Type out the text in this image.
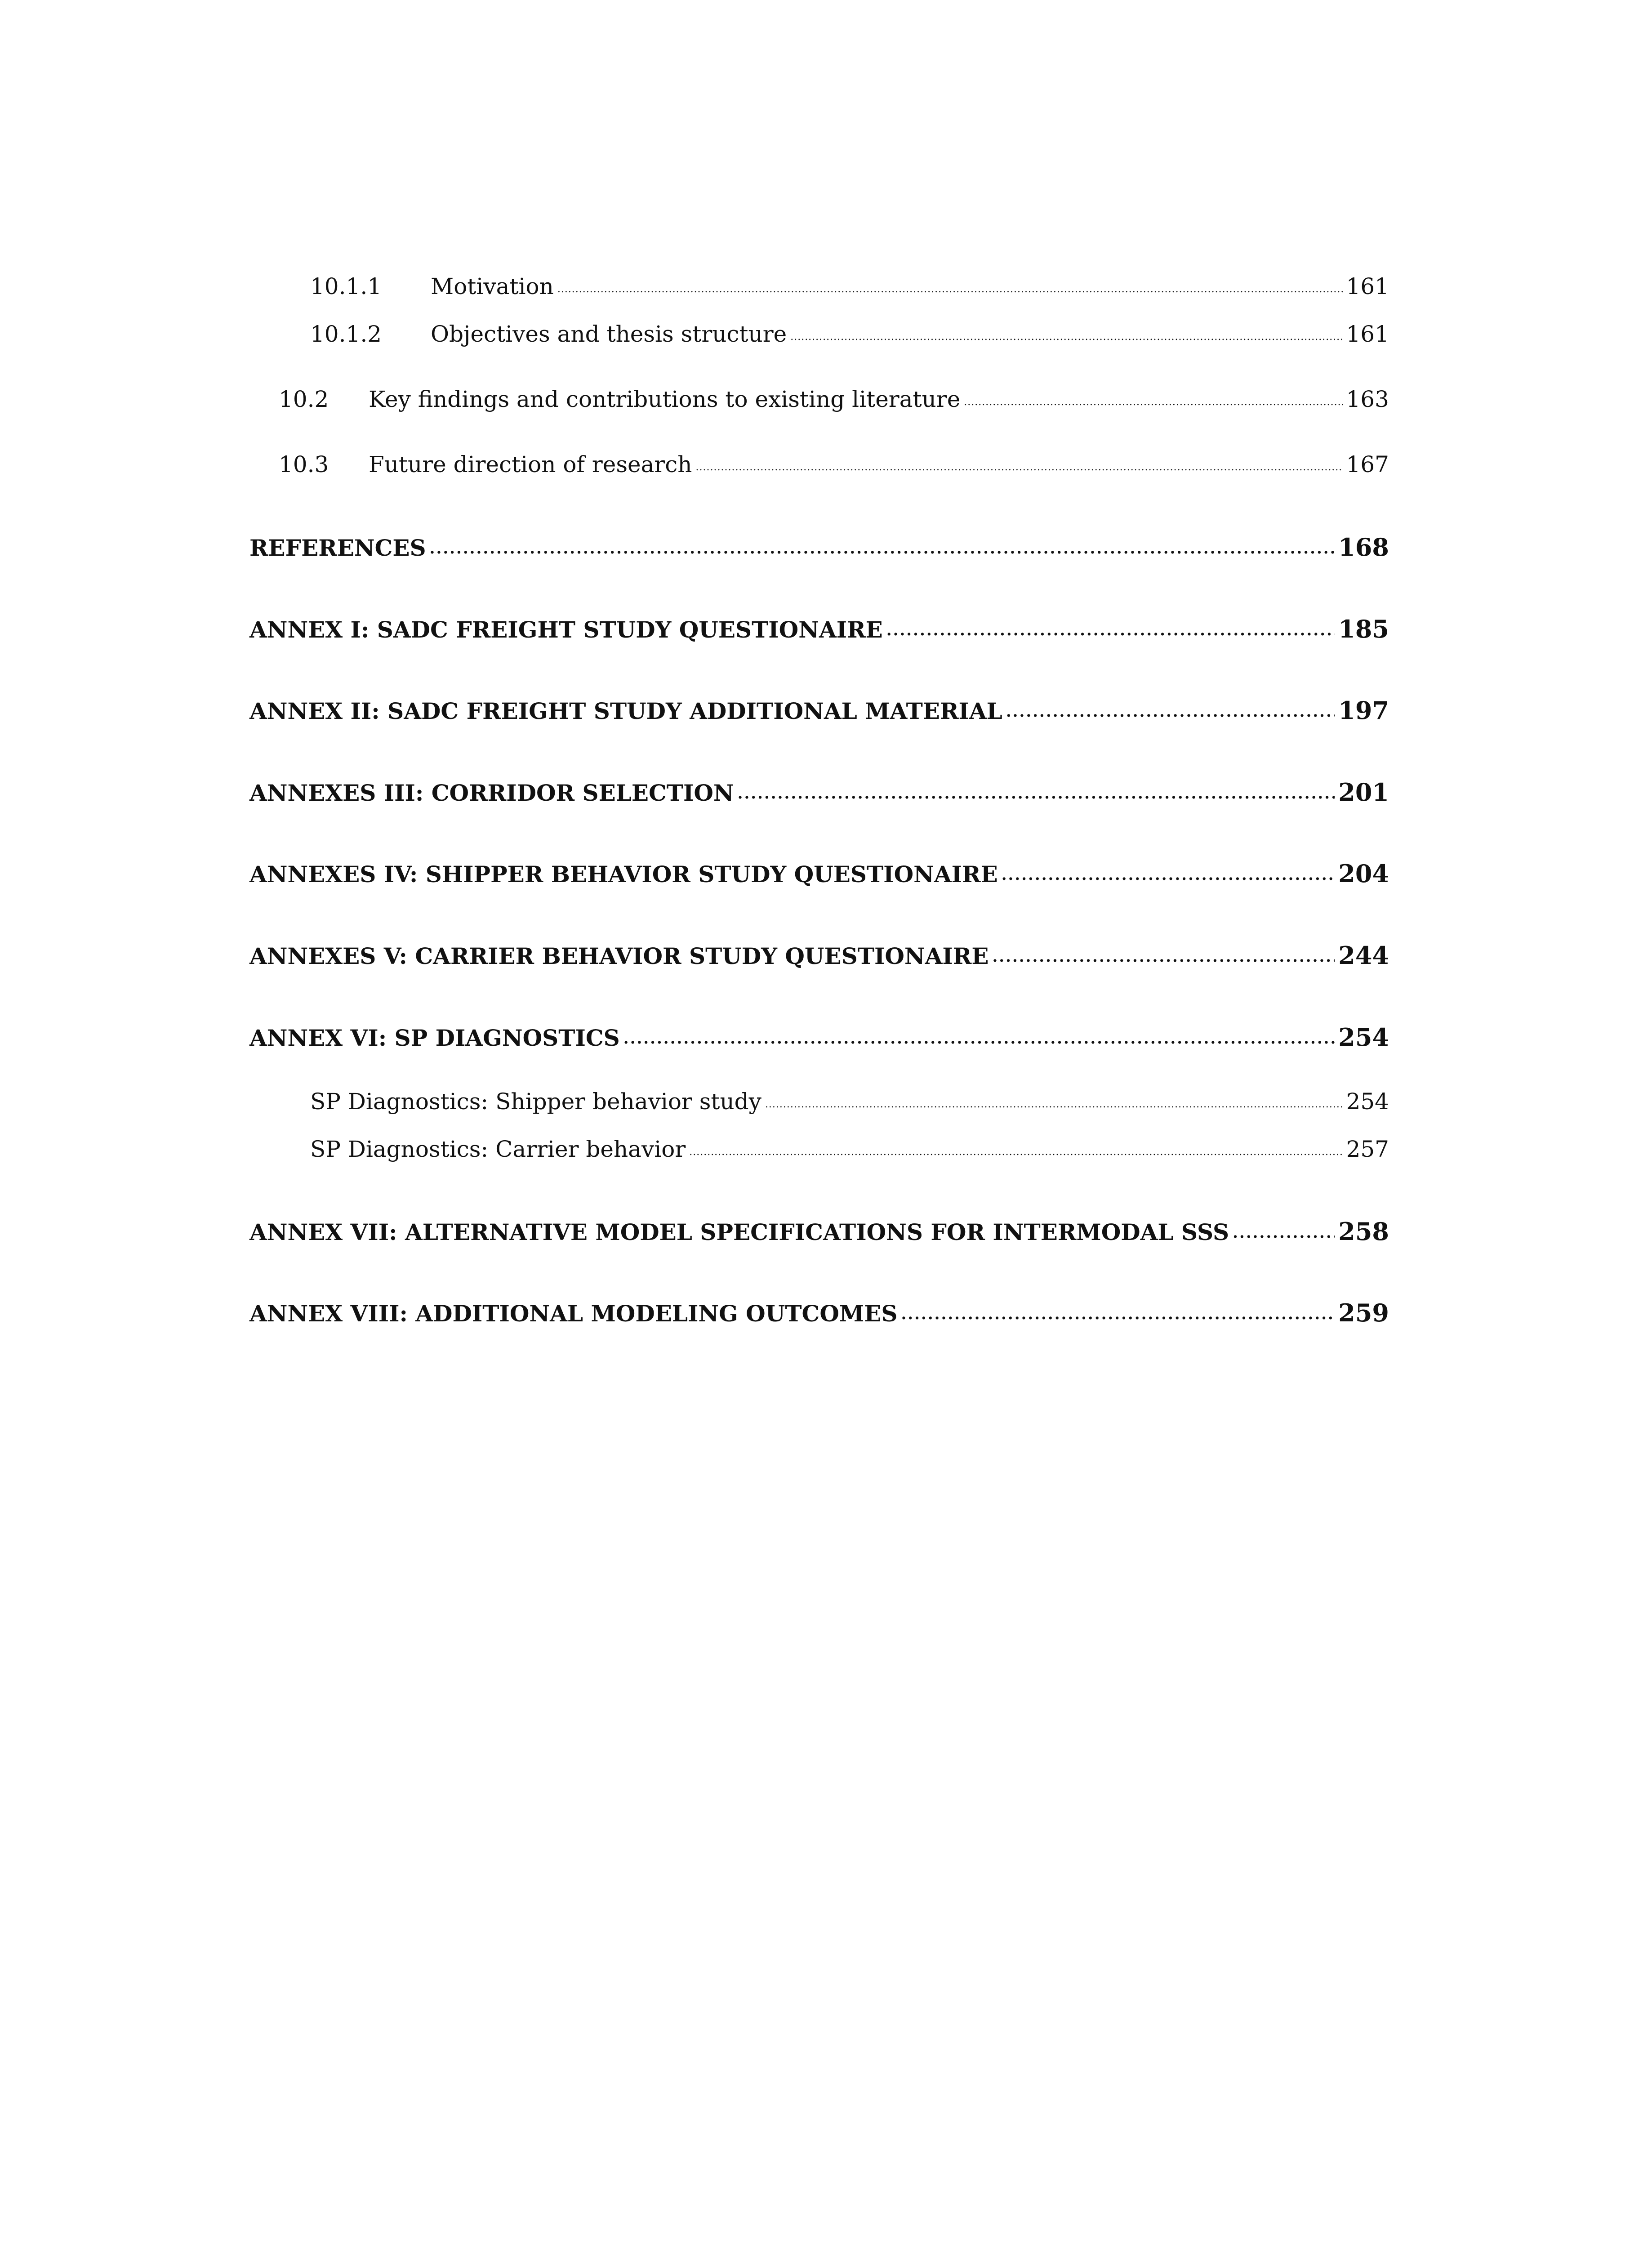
10.1.1	Motivation .....	161
10.1.2	Objectives and thesis structure .....	161
10.2	Key findings and contributions to existing literature .....	163
10.3	Future direction of research .....	167
REFERENCES .....	168
ANNEX I: SADC FREIGHT STUDY QUESTIONAIRE .....	185
ANNEX II: SADC FREIGHT STUDY ADDITIONAL MATERIAL .....	197
ANNEXES III: CORRIDOR SELECTION .....	201
ANNEXES IV: SHIPPER BEHAVIOR STUDY QUESTIONAIRE .....	204
ANNEXES V: CARRIER BEHAVIOR STUDY QUESTIONAIRE .....	244
ANNEX VI: SP DIAGNOSTICS .....	254
SP Diagnostics: Shipper behavior study .....	254
SP Diagnostics: Carrier behavior .....	257
ANNEX VII: ALTERNATIVE MODEL SPECIFICATIONS FOR INTERMODAL SSS .....	258
ANNEX VIII: ADDITIONAL MODELING OUTCOMES .....	259
